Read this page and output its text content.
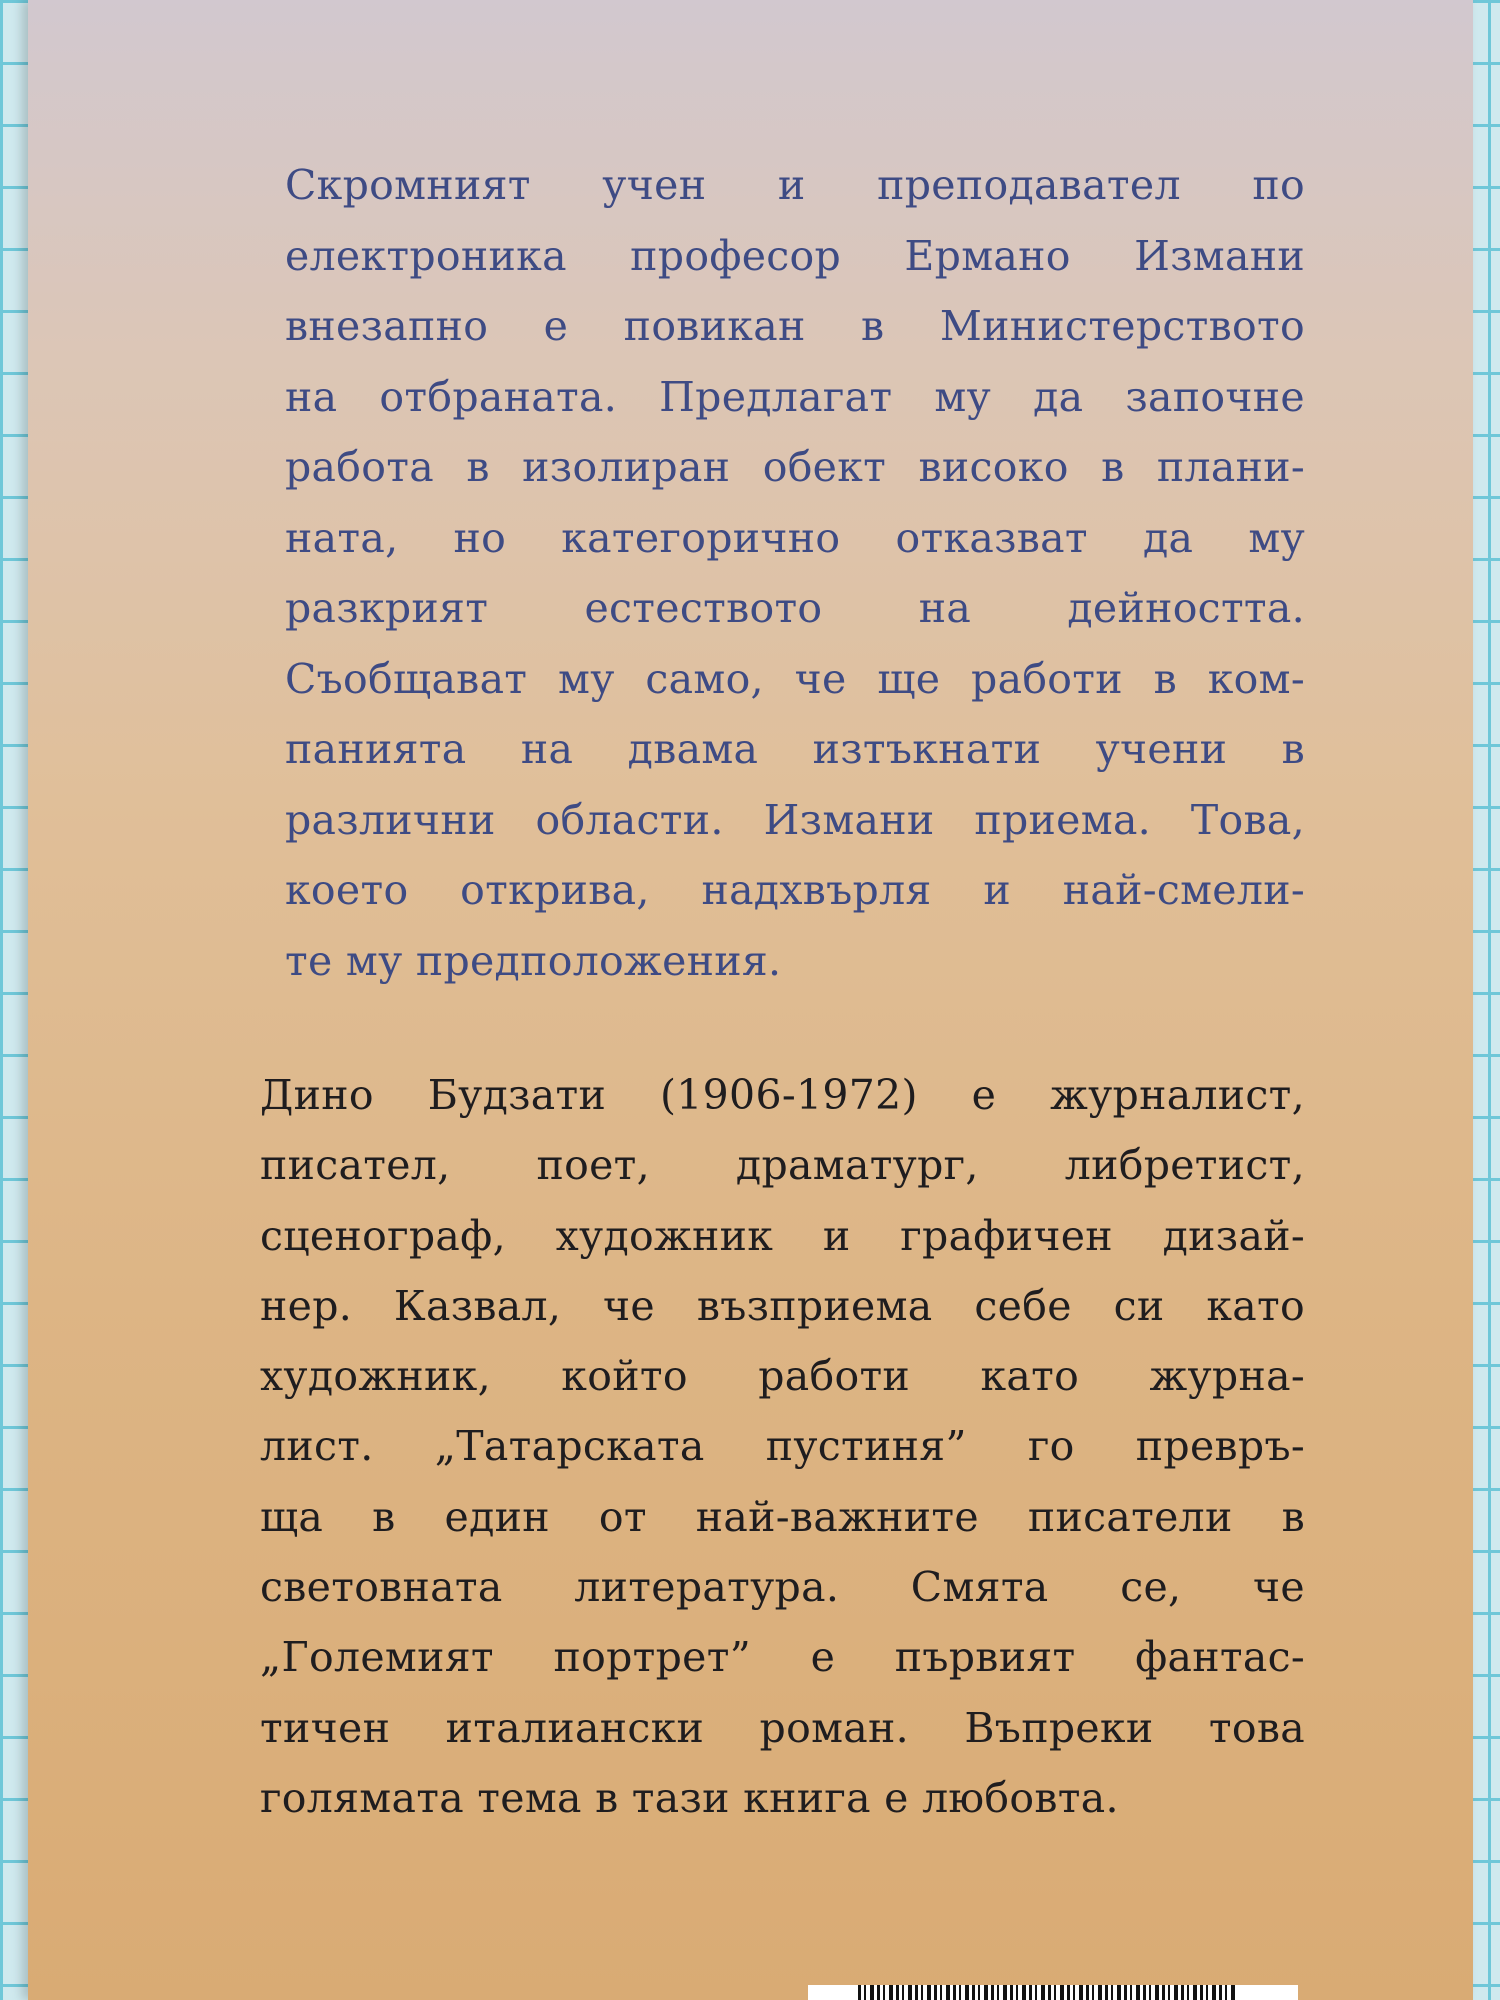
Скромният учен и преподавател по
електроника професор Ермано Измани
внезапно е повикан в Министерството
на отбраната. Предлагат му да започне
работа в изолиран обект високо в плани-
ната, но категорично отказват да му
разкрият естеството на дейността.
Съобщават му само, че ще работи в ком-
панията на двама изтъкнати учени в
различни области. Измани приема. Това,
което открива, надхвърля и най-смели-
те му предположения.

Дино Будзати (1906-1972) е журналист,
писател, поет, драматург, либретист,
сценограф, художник и графичен дизай-
нер. Казвал, че възприема себе си като
художник, който работи като журна-
лист. „Татарската пустиня” го превръ-
ща в един от най-важните писатели в
световната литература. Смята се, че
„Големият портрет” е първият фантас-
тичен италиански роман. Въпреки това
голямата тема в тази книга е любовта.
